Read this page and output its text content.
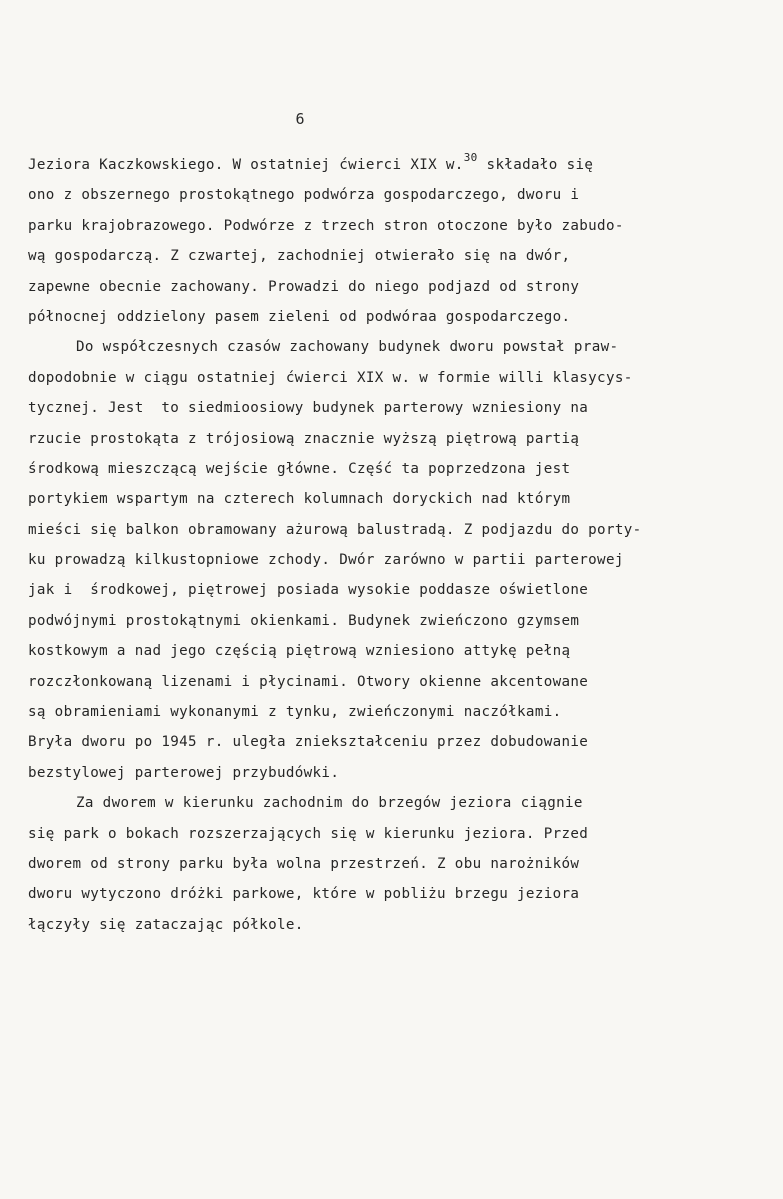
6
Jeziora Kaczkowskiego. W ostatniej ćwierci XIX w.$^{30}$ składało się
ono z obszernego prostokątnego podwórza gospodarczego, dworu i
parku krajobrazowego. Podwórze z trzech stron otoczone było zabudo-
wą gospodarczą. Z czwartej, zachodniej otwierało się na dwór,
zapewne obecnie zachowany. Prowadzi do niego podjazd od strony
północnej oddzielony pasem zieleni od podwóraa gospodarczego.
Do współczesnych czasów zachowany budynek dworu powstał praw-
dopodobnie w ciągu ostatniej ćwierci XIX w. w formie willi klasycys-
tycznej. Jest  to siedmioosiowy budynek parterowy wzniesiony na
rzucie prostokąta z trójosiową znacznie wyższą piętrową partią
środkową mieszczącą wejście główne. Część ta poprzedzona jest
portykiem wspartym na czterech kolumnach doryckich nad którym
mieści się balkon obramowany ażurową balustradą. Z podjazdu do porty-
ku prowadzą kilkustopniowe zchody. Dwór zarówno w partii parterowej
jak i  środkowej, piętrowej posiada wysokie poddasze oświetlone
podwójnymi prostokątnymi okienkami. Budynek zwieńczono gzymsem
kostkowym a nad jego częścią piętrową wzniesiono attykę pełną
rozczłonkowaną lizenami i płycinami. Otwory okienne akcentowane
są obramieniami wykonanymi z tynku, zwieńczonymi naczółkami.
Bryła dworu po 1945 r. uległa zniekształceniu przez dobudowanie
bezstylowej parterowej przybudówki.
Za dworem w kierunku zachodnim do brzegów jeziora ciągnie
się park o bokach rozszerzających się w kierunku jeziora. Przed
dworem od strony parku była wolna przestrzeń. Z obu narożników
dworu wytyczono dróżki parkowe, które w pobliżu brzegu jeziora
łączyły się zataczając półkole.
